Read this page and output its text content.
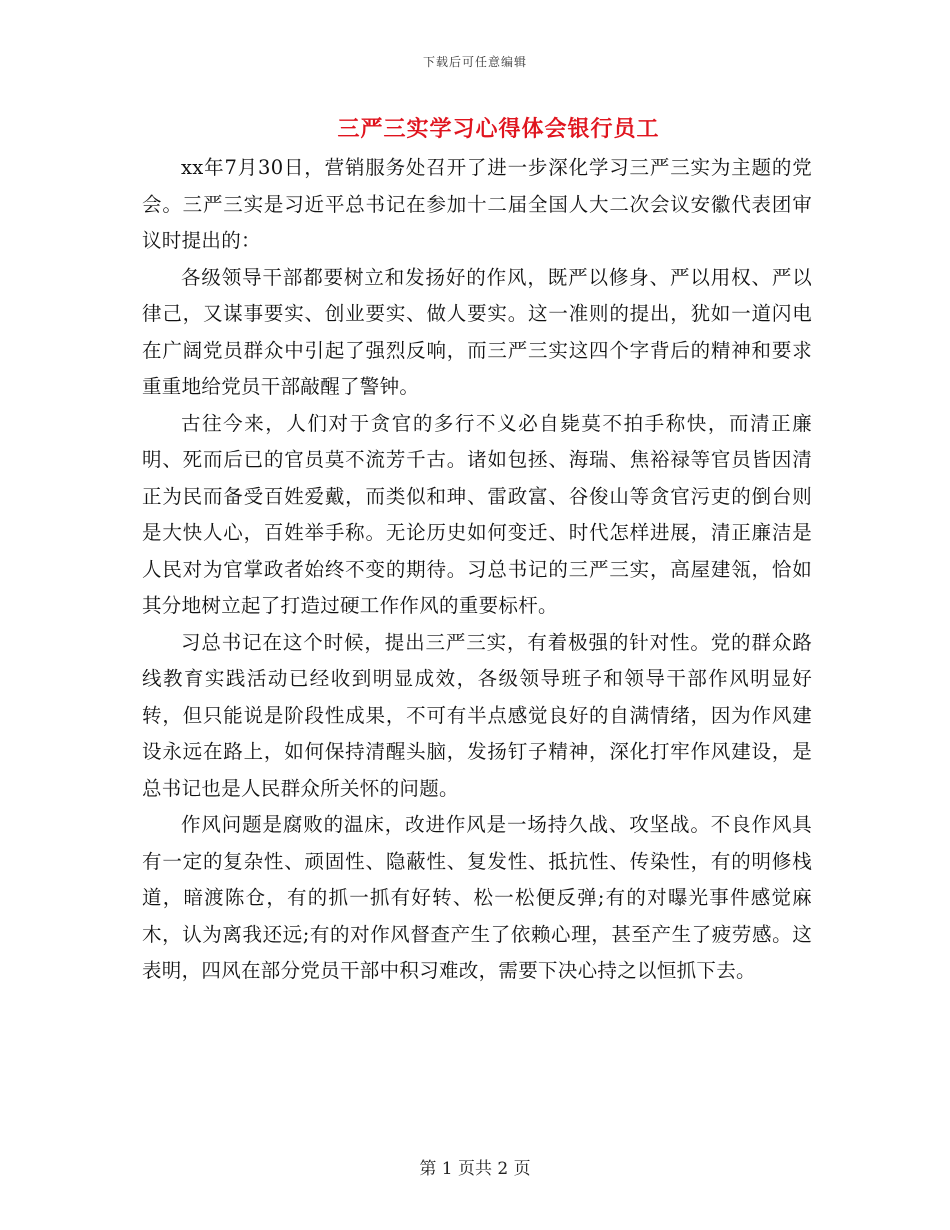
下载后可任意编辑
三严三实学习心得体会银行员工

xx年7月30日，营销服务处召开了进一步深化学习三严三实为主题的党会。三严三实是习近平总书记在参加十二届全国人大二次会议安徽代表团审议时提出的：

各级领导干部都要树立和发扬好的作风，既严以修身、严以用权、严以律己，又谋事要实、创业要实、做人要实。这一准则的提出，犹如一道闪电在广阔党员群众中引起了强烈反响，而三严三实这四个字背后的精神和要求重重地给党员干部敲醒了警钟。

古往今来，人们对于贪官的多行不义必自毙莫不拍手称快，而清正廉明、死而后已的官员莫不流芳千古。诸如包拯、海瑞、焦裕禄等官员皆因清正为民而备受百姓爱戴，而类似和珅、雷政富、谷俊山等贪官污吏的倒台则是大快人心，百姓举手称。无论历史如何变迁、时代怎样进展，清正廉洁是人民对为官掌政者始终不变的期待。习总书记的三严三实，高屋建瓴，恰如其分地树立起了打造过硬工作作风的重要标杆。

习总书记在这个时候，提出三严三实，有着极强的针对性。党的群众路线教育实践活动已经收到明显成效，各级领导班子和领导干部作风明显好转，但只能说是阶段性成果，不可有半点感觉良好的自满情绪，因为作风建设永远在路上，如何保持清醒头脑，发扬钉子精神，深化打牢作风建设，是总书记也是人民群众所关怀的问题。

作风问题是腐败的温床，改进作风是一场持久战、攻坚战。不良作风具有一定的复杂性、顽固性、隐蔽性、复发性、抵抗性、传染性，有的明修栈道，暗渡陈仓，有的抓一抓有好转、松一松便反弹;有的对曝光事件感觉麻木，认为离我还远;有的对作风督查产生了依赖心理，甚至产生了疲劳感。这表明，四风在部分党员干部中积习难改，需要下决心持之以恒抓下去。

第 1 页共 2 页
